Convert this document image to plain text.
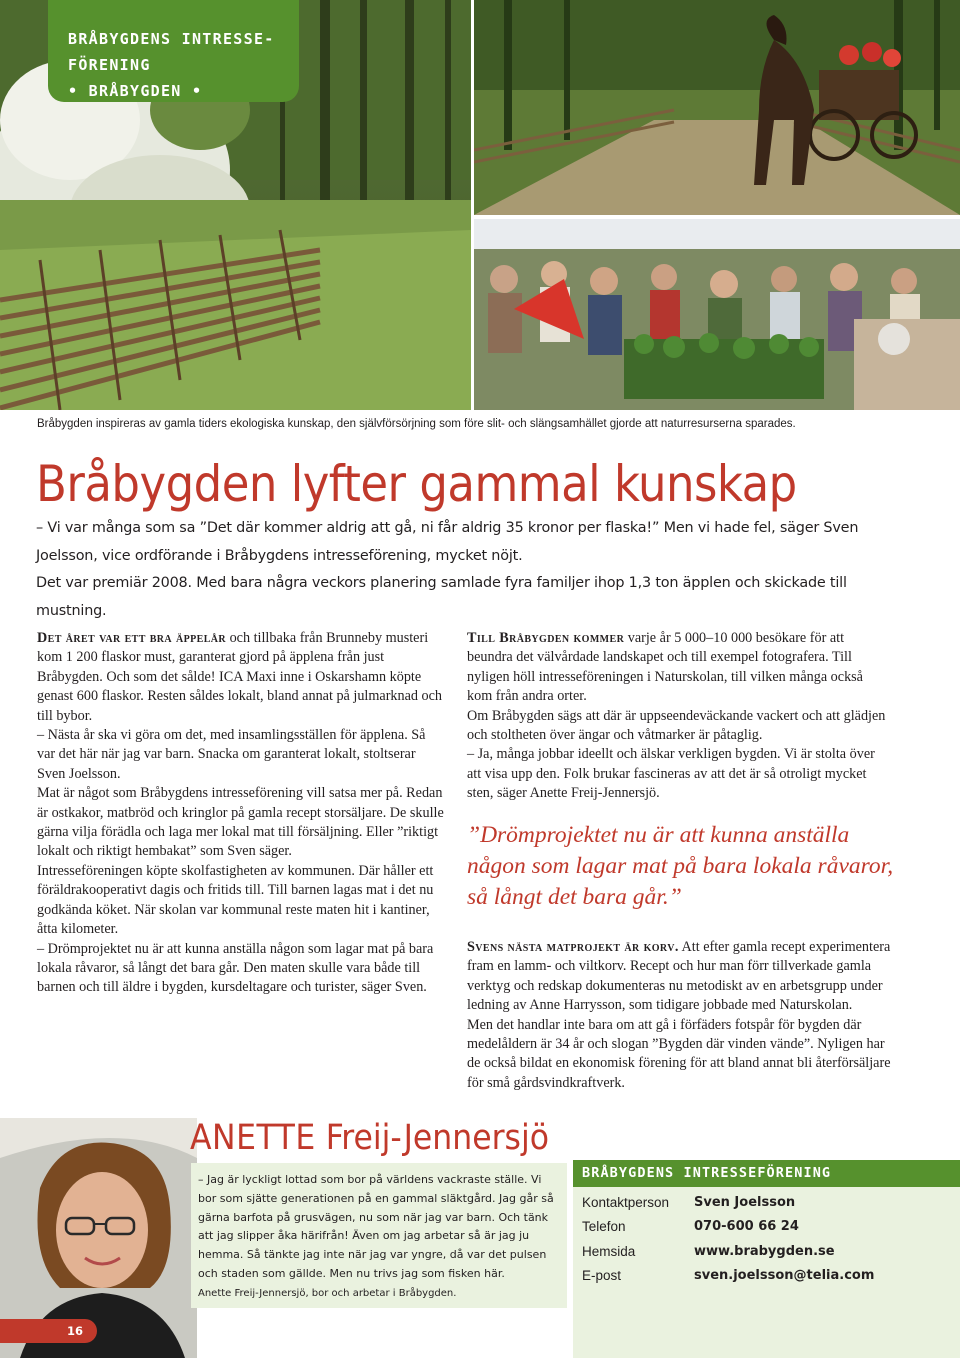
BRÅBYGDENS INTRESSE-
FÖRENING
• BRÅBYGDEN •
Bråbygden inspireras av gamla tiders ekologiska kunskap, den självförsörjning som före slit- och slängsamhället gjorde att naturresurserna sparades.
Bråbygden lyfter gammal kunskap

– Vi var många som sa ”Det där kommer aldrig att gå, ni får aldrig 35 kronor per flaska!” Men vi hade fel, säger Sven Joelsson, vice ordförande i Bråbygdens intresseförening, mycket nöjt.

Det var premiär 2008. Med bara några veckors planering samlade fyra familjer ihop 1,3 ton äpplen och skickade till mustning.

Det året var ett bra äppelår och tillbaka från Brunneby musteri kom 1 200 flaskor must, garanterat gjord på äpplena från just Bråbygden. Och som det sålde! ICA Maxi inne i Oskarshamn köpte genast 600 flaskor. Resten såldes lokalt, bland annat på julmarknad och till bybor.

– Nästa år ska vi göra om det, med insamlingsställen för äpplena. Så var det här när jag var barn. Snacka om garanterat lokalt, stoltserar Sven Joelsson.

Mat är något som Bråbygdens intresseförening vill satsa mer på. Redan är ostkakor, matbröd och kringlor på gamla recept storsäljare. De skulle gärna vilja förädla och laga mer lokal mat till försäljning. Eller ”riktigt lokalt och riktigt hembakat” som Sven säger.

Intresseföreningen köpte skolfastigheten av kommunen. Där håller ett föräldrakooperativt dagis och fritids till. Till barnen lagas mat i det nu godkända köket. När skolan var kommunal reste maten hit i kantiner, åtta kilometer.

– Drömprojektet nu är att kunna anställa någon som lagar mat på bara lokala råvaror, så långt det bara går. Den maten skulle vara både till barnen och till äldre i bygden, kursdeltagare och turister, säger Sven.

Till Bråbygden kommer varje år 5 000–10 000 besökare för att beundra det välvårdade landskapet och till exempel fotografera. Till nyligen höll intresseföreningen i Naturskolan, till vilken många också kom från andra orter.

Om Bråbygden sägs att där är uppseendeväckande vackert och att glädjen och stoltheten över ängar och våtmarker är påtaglig.

– Ja, många jobbar ideellt och älskar verkligen bygden. Vi är stolta över att visa upp den. Folk brukar fascineras av att det är så otroligt mycket sten, säger Anette Freij-Jennersjö.

”Drömprojektet nu är att kunna anställa någon som lagar mat på bara lokala råvaror, så långt det bara går.”

Svens nästa matprojekt är korv. Att efter gamla recept experimentera fram en lamm- och viltkorv. Recept och hur man förr tillverkade gamla verktyg och redskap dokumenteras nu metodiskt av en arbetsgrupp under ledning av Anne Harrysson, som tidigare jobbade med Naturskolan.

Men det handlar inte bara om att gå i förfäders fotspår för bygden där medelåldern är 34 år och slogan ”Bygden där vinden vände”. Nyligen har de också bildat en ekonomisk förening för att bland annat bli återförsäljare för små gårdsvindkraftverk.

ANETTE Freij-Jennersjö
– Jag är lyckligt lottad som bor på världens vackraste ställe. Vi bor som sjätte generationen på en gammal släktgård. Jag går så gärna barfota på grusvägen, nu som när jag var barn. Och tänk att jag slipper åka härifrån! Även om jag arbetar så är jag ju hemma. Så tänkte jag inte när jag var yngre, då var det pulsen och staden som gällde. Men nu trivs jag som fisken här.
Anette Freij-Jennersjö, bor och arbetar i Bråbygden.
BRÅBYGDENS INTRESSEFÖRENING
Kontaktperson	Sven Joelsson
Telefon	070-600 66 24
Hemsida	www.brabygden.se
E-post	sven.joelsson@telia.com
16
